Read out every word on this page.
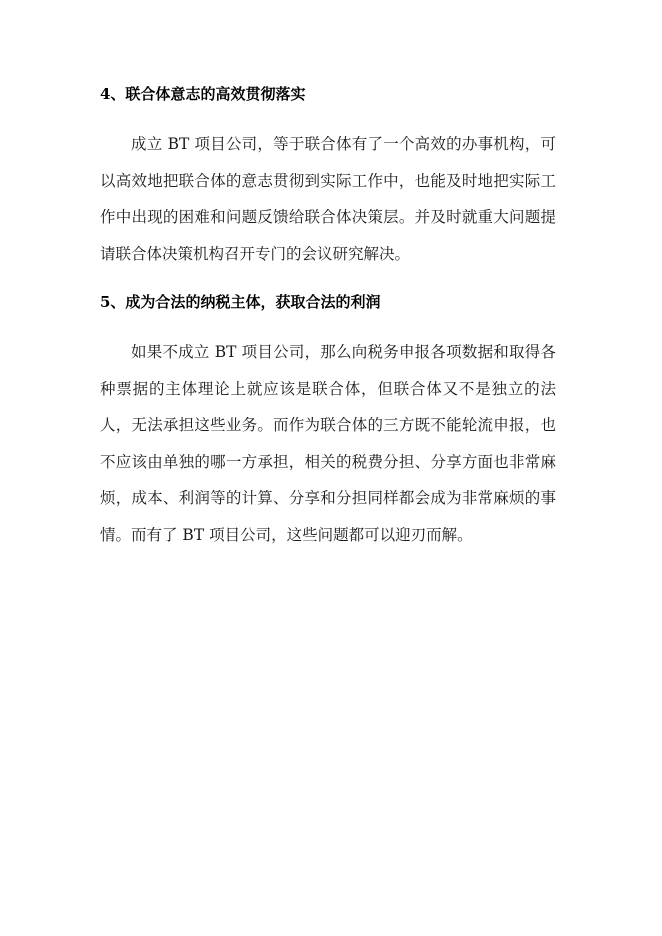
4、联合体意志的高效贯彻落实

成立 BT 项目公司，等于联合体有了一个高效的办事机构，可以高效地把联合体的意志贯彻到实际工作中，也能及时地把实际工作中出现的困难和问题反馈给联合体决策层。并及时就重大问题提请联合体决策机构召开专门的会议研究解决。

5、成为合法的纳税主体，获取合法的利润

如果不成立 BT 项目公司，那么向税务申报各项数据和取得各种票据的主体理论上就应该是联合体，但联合体又不是独立的法人，无法承担这些业务。而作为联合体的三方既不能轮流申报，也不应该由单独的哪一方承担，相关的税费分担、分享方面也非常麻烦，成本、利润等的计算、分享和分担同样都会成为非常麻烦的事情。而有了 BT 项目公司，这些问题都可以迎刃而解。
